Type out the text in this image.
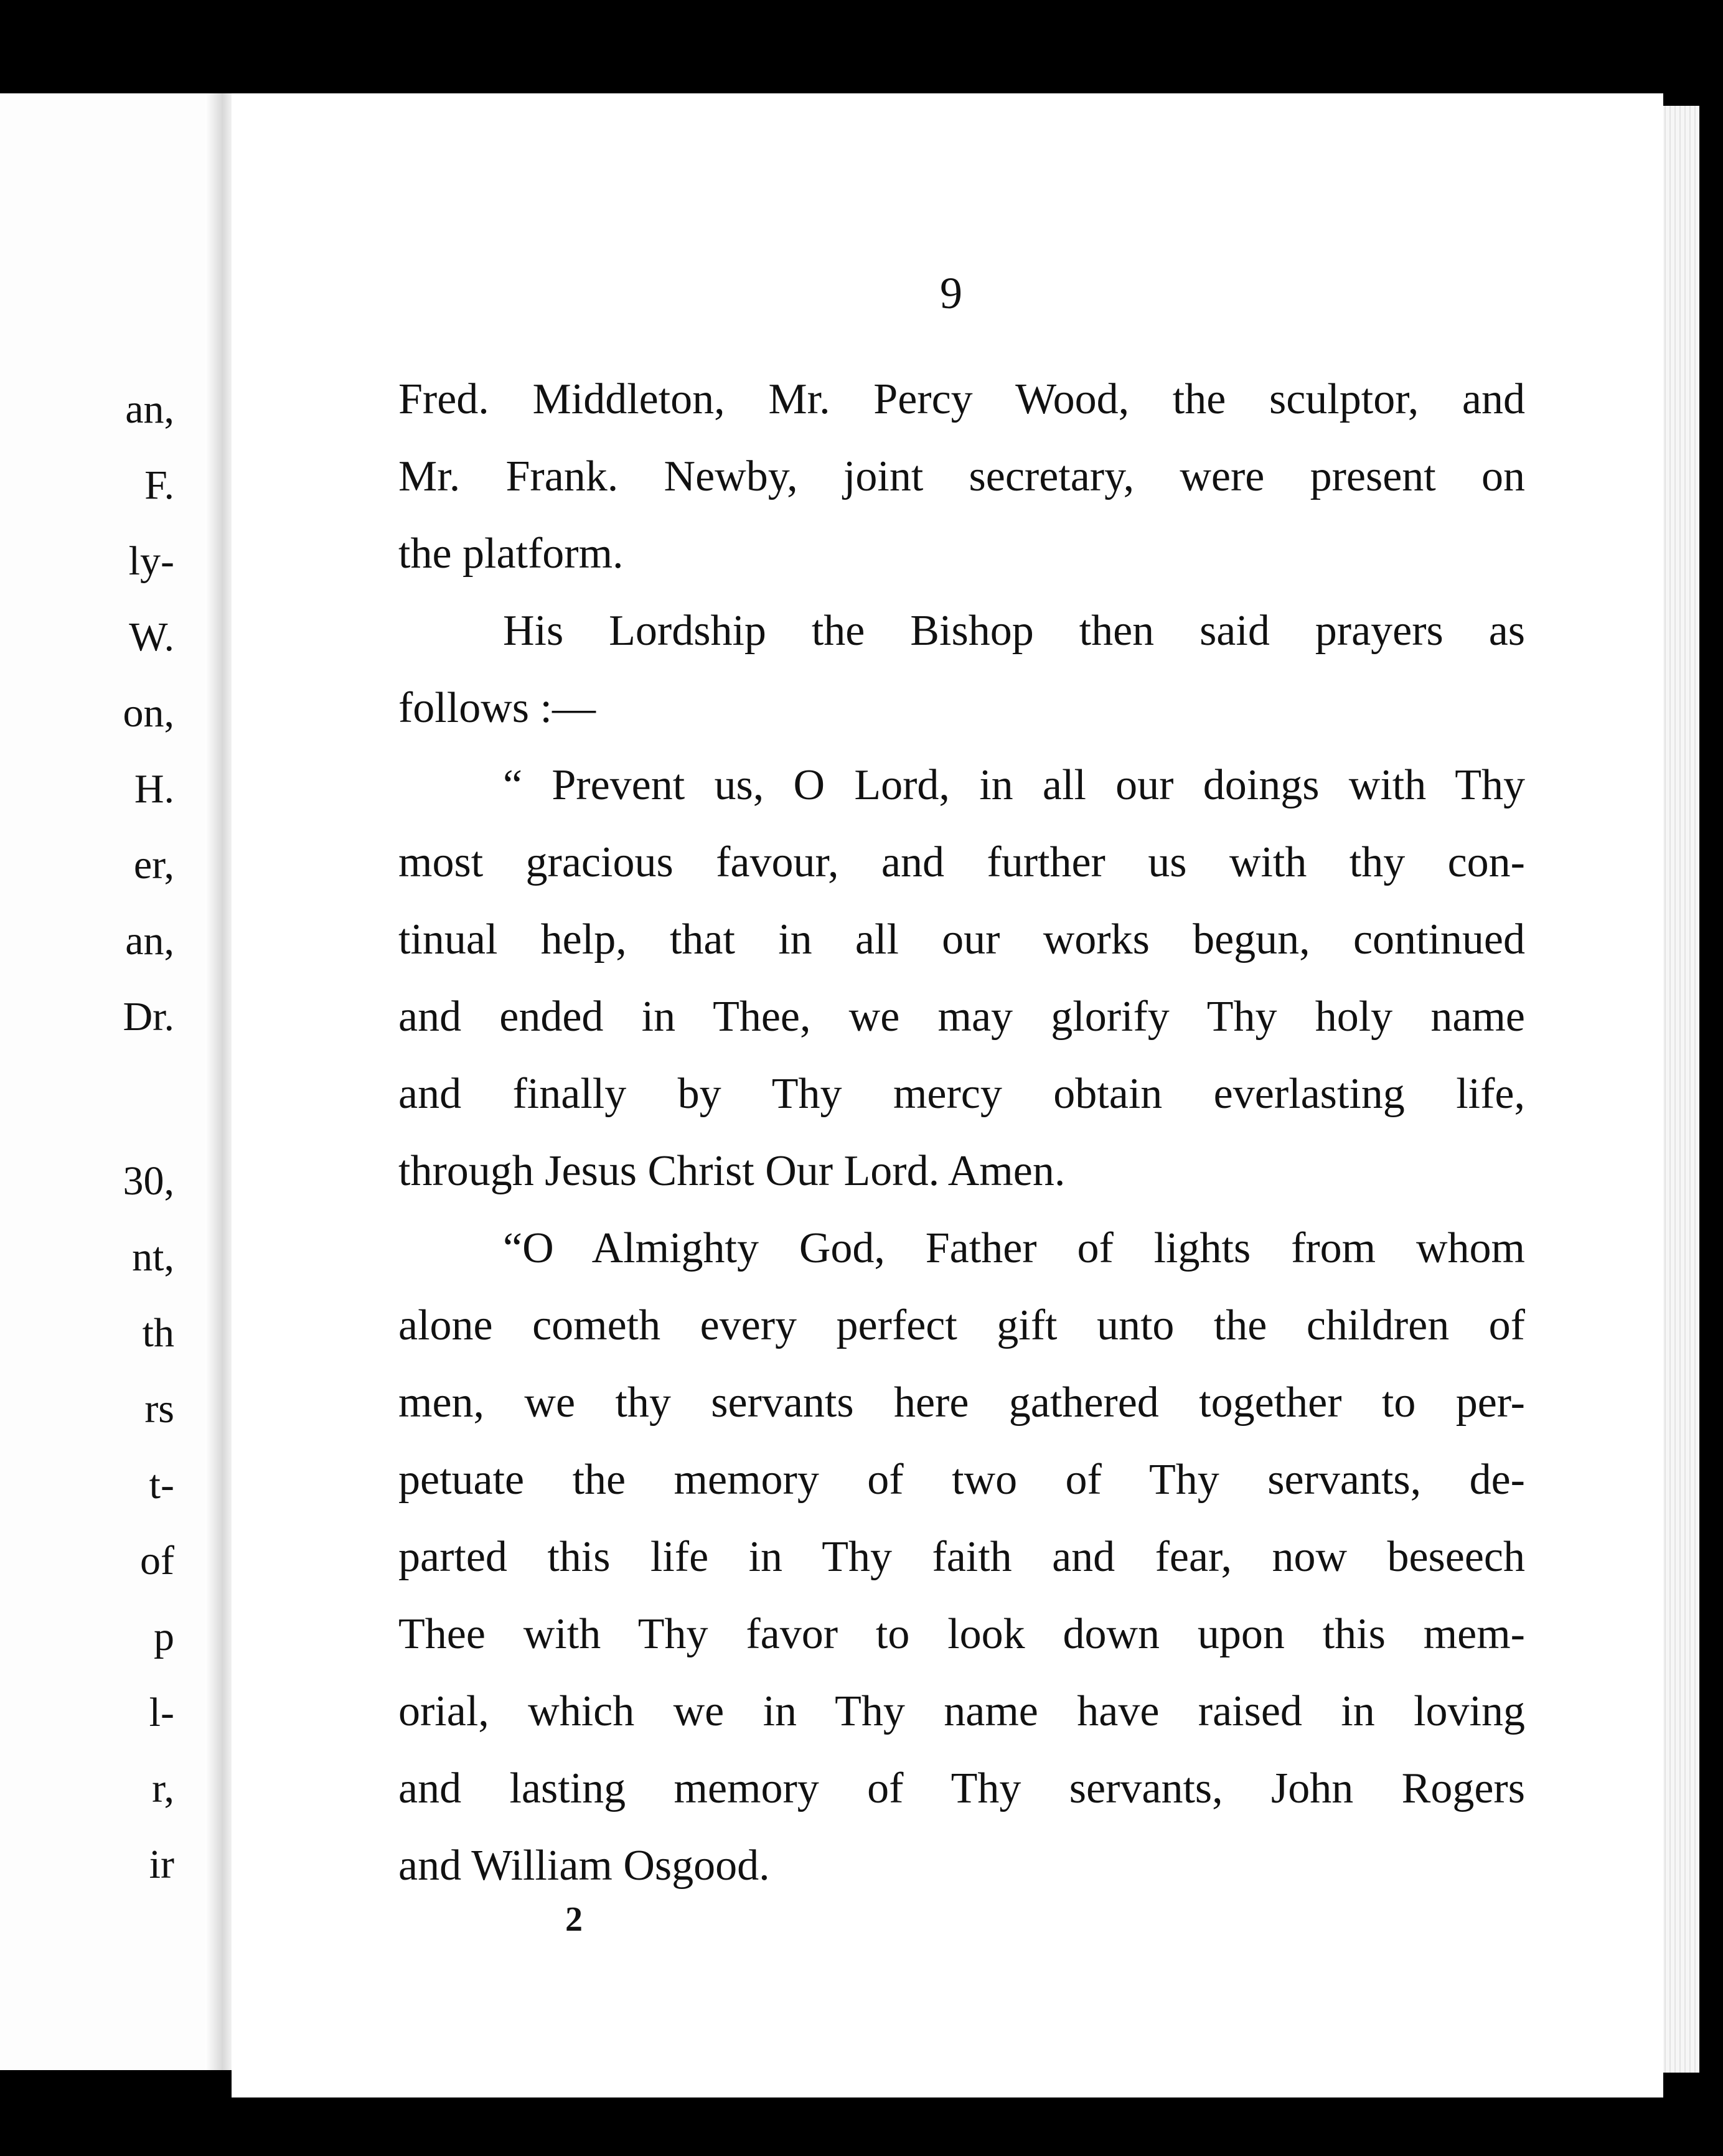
an,
F.
ly-
W.
on,
H.
er,
an,
Dr.
30,
nt,
th
rs
t-
of
p
l-
r,
ir
9
Fred. Middleton, Mr. Percy Wood, the sculptor, and
Mr. Frank. Newby, joint secretary, were present on
the platform.
His Lordship the Bishop then said prayers as
follows :—
“ Prevent us, O Lord, in all our doings with Thy
most gracious favour, and further us with thy con-
tinual help, that in all our works begun, continued
and ended in Thee, we may glorify Thy holy name
and finally by Thy mercy obtain everlasting life,
through Jesus Christ Our Lord. Amen.
“O Almighty God, Father of lights from whom
alone cometh every perfect gift unto the children of
men, we thy servants here gathered together to per-
petuate the memory of two of Thy servants, de-
parted this life in Thy faith and fear, now beseech
Thee with Thy favor to look down upon this mem-
orial, which we in Thy name have raised in loving
and lasting memory of Thy servants, John Rogers
and William Osgood.
2
